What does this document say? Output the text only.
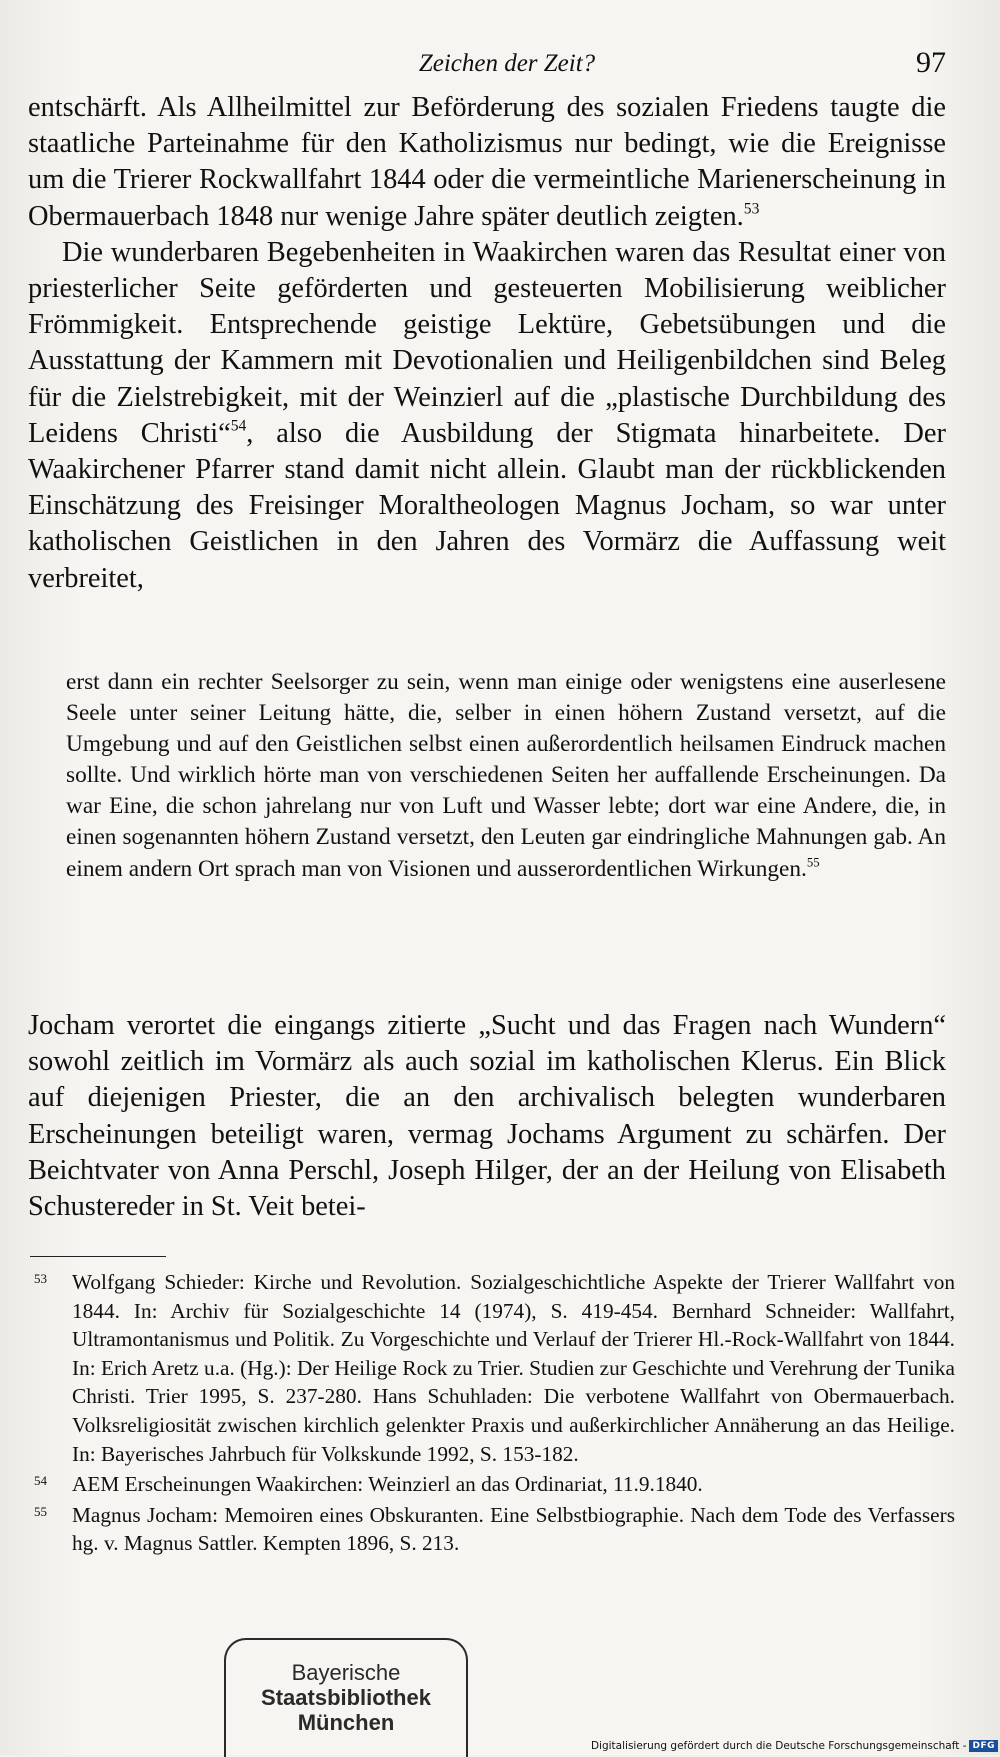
Zeichen der Zeit?	97

entschärft. Als Allheilmittel zur Beförderung des sozialen Friedens taugte die staatliche Parteinahme für den Katholizismus nur bedingt, wie die Ereignisse um die Trierer Rockwallfahrt 1844 oder die vermeintliche Marienerscheinung in Obermauerbach 1848 nur wenige Jahre später deutlich zeigten.$^{53}$

Die wunderbaren Begebenheiten in Waakirchen waren das Resultat einer von priesterlicher Seite geförderten und gesteuerten Mobilisierung weiblicher Frömmigkeit. Entsprechende geistige Lektüre, Gebetsübungen und die Ausstattung der Kammern mit Devotionalien und Heiligenbildchen sind Beleg für die Zielstrebigkeit, mit der Weinzierl auf die „plastische Durchbildung des Leidens Christi“$^{54}$, also die Ausbildung der Stigmata hinarbeitete. Der Waakirchener Pfarrer stand damit nicht allein. Glaubt man der rückblickenden Einschätzung des Freisinger Moraltheologen Magnus Jocham, so war unter katholischen Geistlichen in den Jahren des Vormärz die Auffassung weit verbreitet,

erst dann ein rechter Seelsorger zu sein, wenn man einige oder wenigstens eine auserlesene Seele unter seiner Leitung hätte, die, selber in einen höhern Zustand versetzt, auf die Umgebung und auf den Geistlichen selbst einen außerordentlich heilsamen Eindruck machen sollte. Und wirklich hörte man von verschiedenen Seiten her auffallende Erscheinungen. Da war Eine, die schon jahrelang nur von Luft und Wasser lebte; dort war eine Andere, die, in einen sogenannten höhern Zustand versetzt, den Leuten gar eindringliche Mahnungen gab. An einem andern Ort sprach man von Visionen und ausserordentlichen Wirkungen.$^{55}$

Jocham verortet die eingangs zitierte „Sucht und das Fragen nach Wundern“ sowohl zeitlich im Vormärz als auch sozial im katholischen Klerus. Ein Blick auf diejenigen Priester, die an den archivalisch belegten wunderbaren Erscheinungen beteiligt waren, vermag Jochams Argument zu schärfen. Der Beichtvater von Anna Perschl, Joseph Hilger, der an der Heilung von Elisabeth Schustereder in St. Veit betei-

53 Wolfgang Schieder: Kirche und Revolution. Sozialgeschichtliche Aspekte der Trierer Wallfahrt von 1844. In: Archiv für Sozialgeschichte 14 (1974), S. 419-454. Bernhard Schneider: Wallfahrt, Ultramontanismus und Politik. Zu Vorgeschichte und Verlauf der Trierer Hl.-Rock-Wallfahrt von 1844. In: Erich Aretz u.a. (Hg.): Der Heilige Rock zu Trier. Studien zur Geschichte und Verehrung der Tunika Christi. Trier 1995, S. 237-280. Hans Schuhladen: Die verbotene Wallfahrt von Obermauerbach. Volksreligiosität zwischen kirchlich gelenkter Praxis und außerkirchlicher Annäherung an das Heilige. In: Bayerisches Jahrbuch für Volkskunde 1992, S. 153-182.
54 AEM Erscheinungen Waakirchen: Weinzierl an das Ordinariat, 11.9.1840.
55 Magnus Jocham: Memoiren eines Obskuranten. Eine Selbstbiographie. Nach dem Tode des Verfassers hg. v. Magnus Sattler. Kempten 1896, S. 213.
Bayerische
Staatsbibliothek
München
Digitalisierung gefördert durch die Deutsche Forschungsgemeinschaft - DFG
